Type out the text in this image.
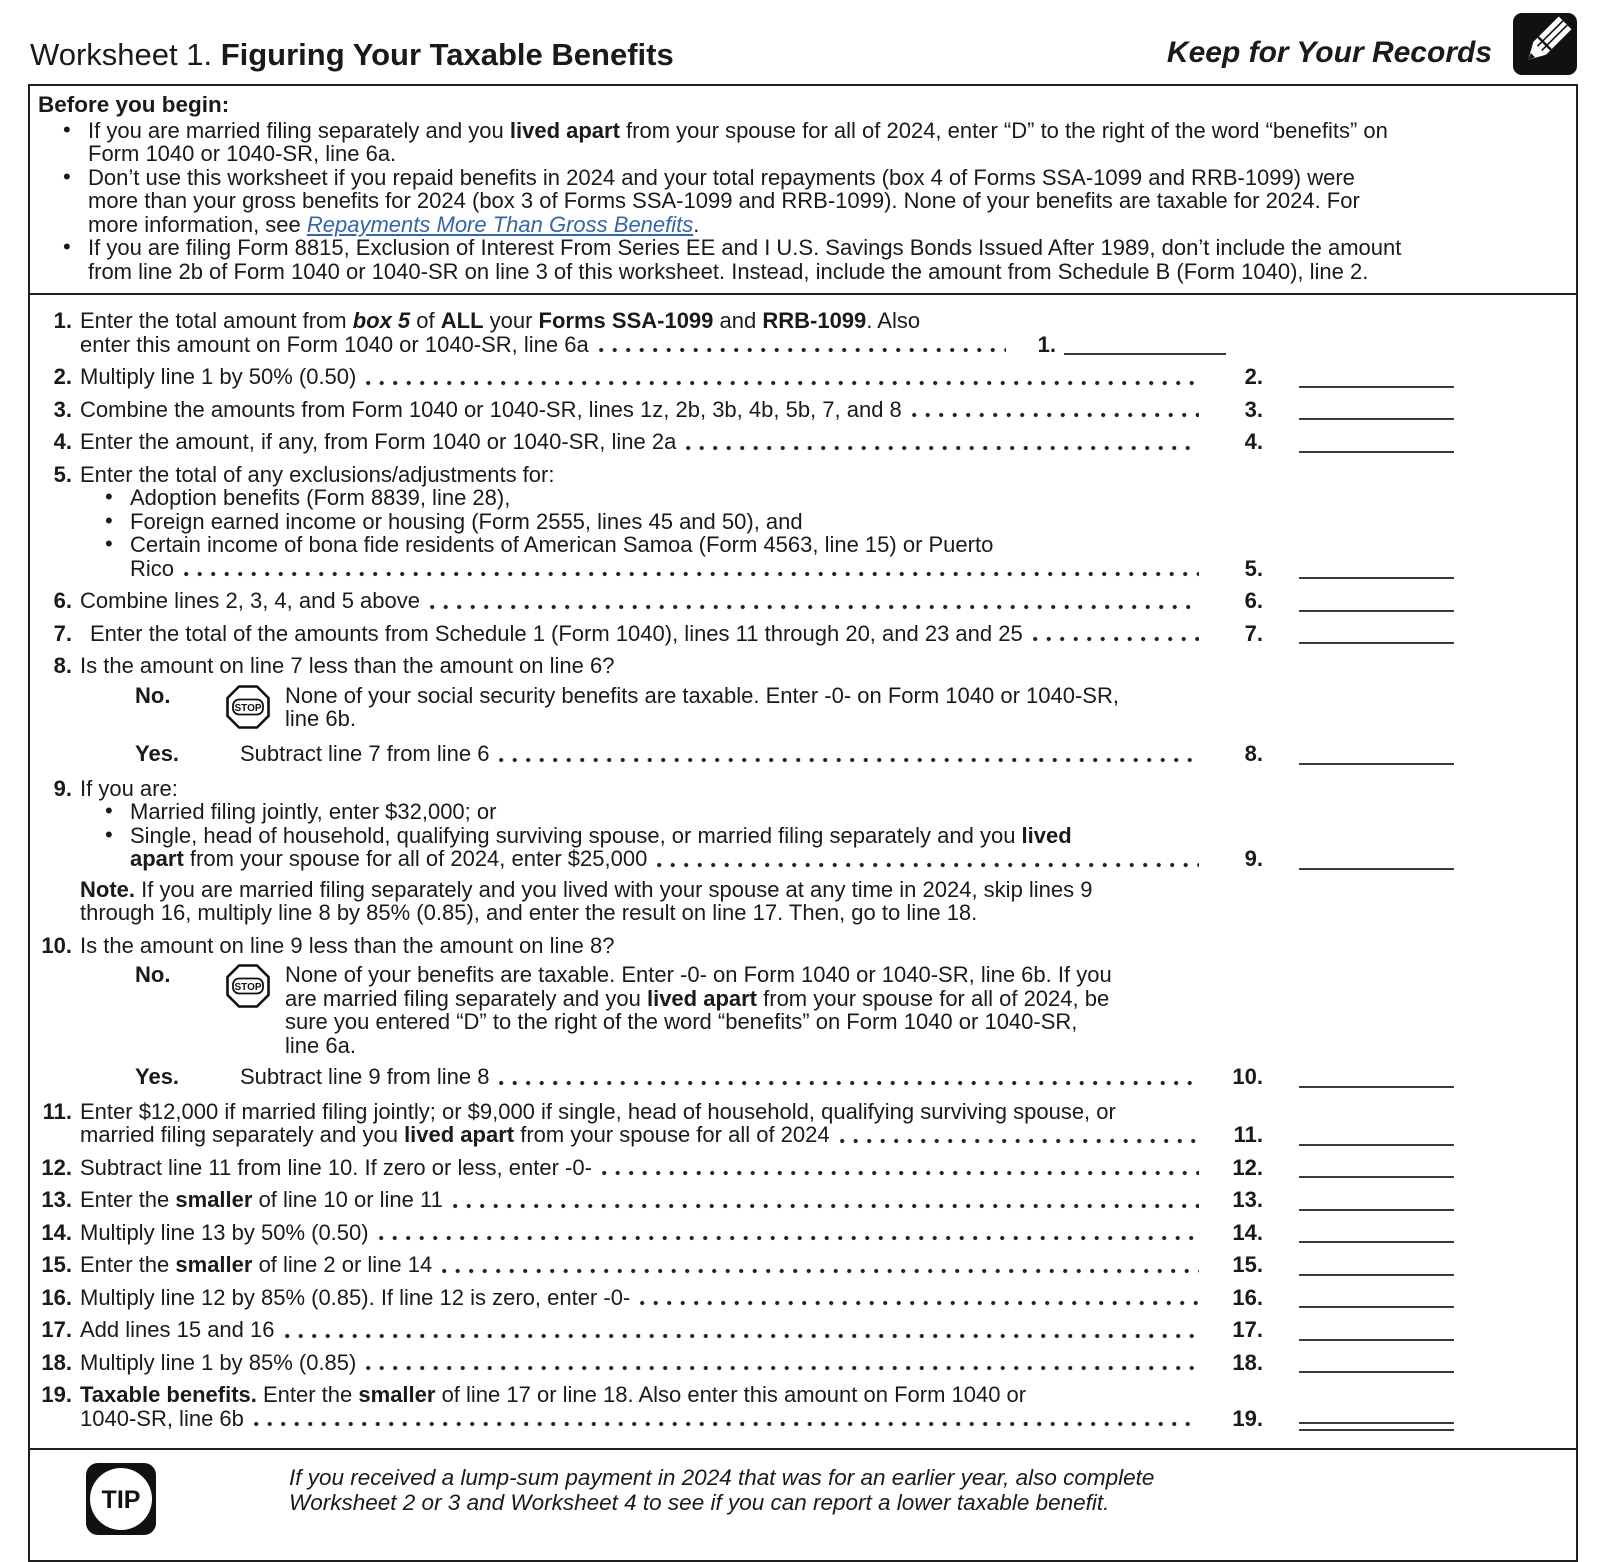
Worksheet 1. Figuring Your Taxable Benefits	Keep for Your Records
Before you begin:
• If you are married filing separately and you lived apart from your spouse for all of 2024, enter “D” to the right of the word “benefits” on
Form 1040 or 1040-SR, line 6a.
• Don’t use this worksheet if you repaid benefits in 2024 and your total repayments (box 4 of Forms SSA-1099 and RRB-1099) were
more than your gross benefits for 2024 (box 3 of Forms SSA-1099 and RRB-1099). None of your benefits are taxable for 2024. For
more information, see Repayments More Than Gross Benefits.
• If you are filing Form 8815, Exclusion of Interest From Series EE and I U.S. Savings Bonds Issued After 1989, don’t include the amount
from line 2b of Form 1040 or 1040-SR on line 3 of this worksheet. Instead, include the amount from Schedule B (Form 1040), line 2.
1. Enter the total amount from box 5 of ALL your Forms SSA-1099 and RRB-1099. Also
enter this amount on Form 1040 or 1040-SR, line 6a	1.
2. Multiply line 1 by 50% (0.50)	2.
3. Combine the amounts from Form 1040 or 1040-SR, lines 1z, 2b, 3b, 4b, 5b, 7, and 8	3.
4. Enter the amount, if any, from Form 1040 or 1040-SR, line 2a	4.
5. Enter the total of any exclusions/adjustments for:
• Adoption benefits (Form 8839, line 28),
• Foreign earned income or housing (Form 2555, lines 45 and 50), and
• Certain income of bona fide residents of American Samoa (Form 4563, line 15) or Puerto
Rico	5.
6. Combine lines 2, 3, 4, and 5 above	6.
7. Enter the total of the amounts from Schedule 1 (Form 1040), lines 11 through 20, and 23 and 25	7.
8. Is the amount on line 7 less than the amount on line 6?
No.
STOP
None of your social security benefits are taxable. Enter -0- on Form 1040 or 1040-SR,
line 6b.
Yes.	Subtract line 7 from line 6	8.
9. If you are:
• Married filing jointly, enter $32,000; or
• Single, head of household, qualifying surviving spouse, or married filing separately and you lived
apart from your spouse for all of 2024, enter $25,000	9.
Note. If you are married filing separately and you lived with your spouse at any time in 2024, skip lines 9
through 16, multiply line 8 by 85% (0.85), and enter the result on line 17. Then, go to line 18.
10. Is the amount on line 9 less than the amount on line 8?
No.
STOP
None of your benefits are taxable. Enter -0- on Form 1040 or 1040-SR, line 6b. If you
are married filing separately and you lived apart from your spouse for all of 2024, be
sure you entered “D” to the right of the word “benefits” on Form 1040 or 1040-SR,
line 6a.
Yes.	Subtract line 9 from line 8	10.
11. Enter $12,000 if married filing jointly; or $9,000 if single, head of household, qualifying surviving spouse, or
married filing separately and you lived apart from your spouse for all of 2024	11.
12. Subtract line 11 from line 10. If zero or less, enter -0-	12.
13. Enter the smaller of line 10 or line 11	13.
14. Multiply line 13 by 50% (0.50)	14.
15. Enter the smaller of line 2 or line 14	15.
16. Multiply line 12 by 85% (0.85). If line 12 is zero, enter -0-	16.
17. Add lines 15 and 16	17.
18. Multiply line 1 by 85% (0.85)	18.
19. Taxable benefits. Enter the smaller of line 17 or line 18. Also enter this amount on Form 1040 or
1040-SR, line 6b	19.
TIP
If you received a lump-sum payment in 2024 that was for an earlier year, also complete
Worksheet 2 or 3 and Worksheet 4 to see if you can report a lower taxable benefit.
